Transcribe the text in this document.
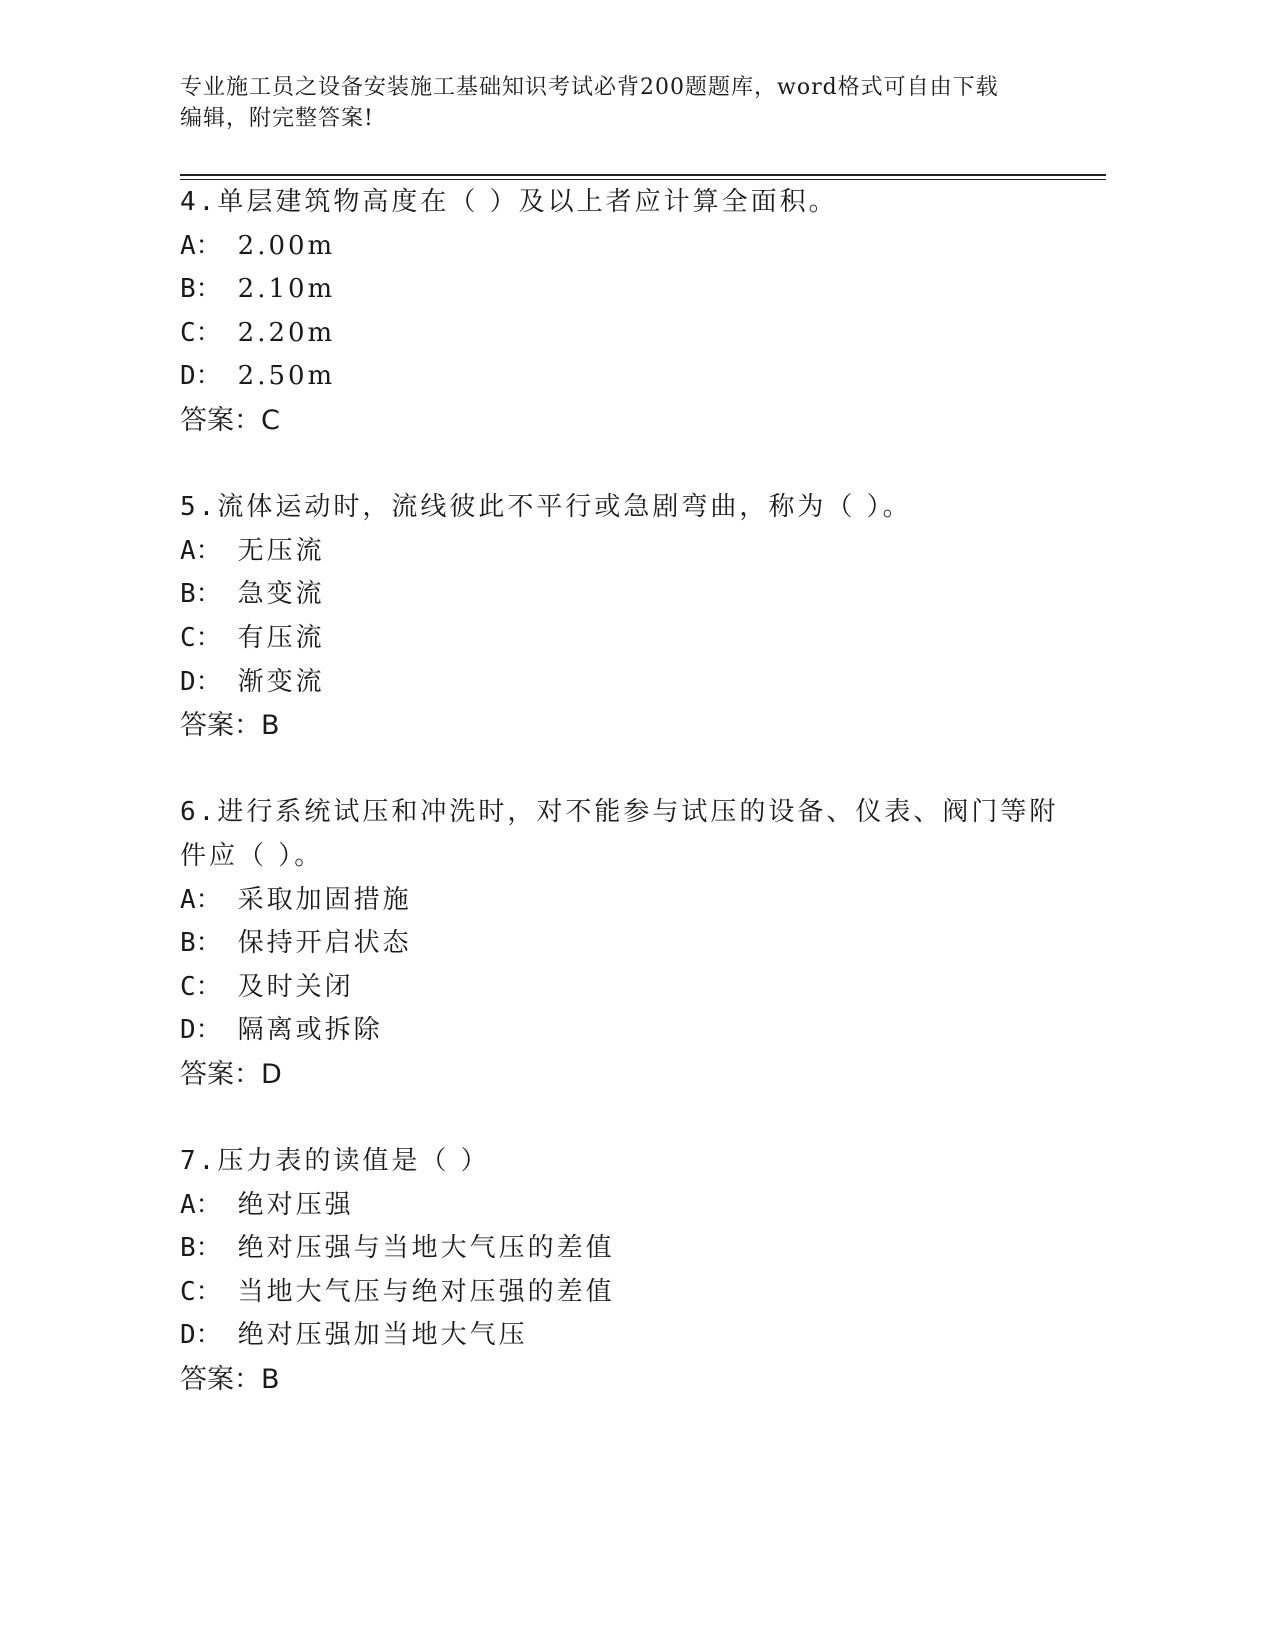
专业施工员之设备安装施工基础知识考试必背200题题库，word格式可自由下载
编辑，附完整答案!
4.单层建筑物高度在（ ）及以上者应计算全面积。
A： 2.00m
B： 2.10m
C： 2.20m
D： 2.50m
答案：C
5.流体运动时，流线彼此不平行或急剧弯曲，称为（ ）。
A： 无压流
B： 急变流
C： 有压流
D： 渐变流
答案：B
6.进行系统试压和冲洗时，对不能参与试压的设备、仪表、阀门等附
件应（ ）。
A： 采取加固措施
B： 保持开启状态
C： 及时关闭
D： 隔离或拆除
答案：D
7.压力表的读值是（ ）
A： 绝对压强
B： 绝对压强与当地大气压的差值
C： 当地大气压与绝对压强的差值
D： 绝对压强加当地大气压
答案：B
